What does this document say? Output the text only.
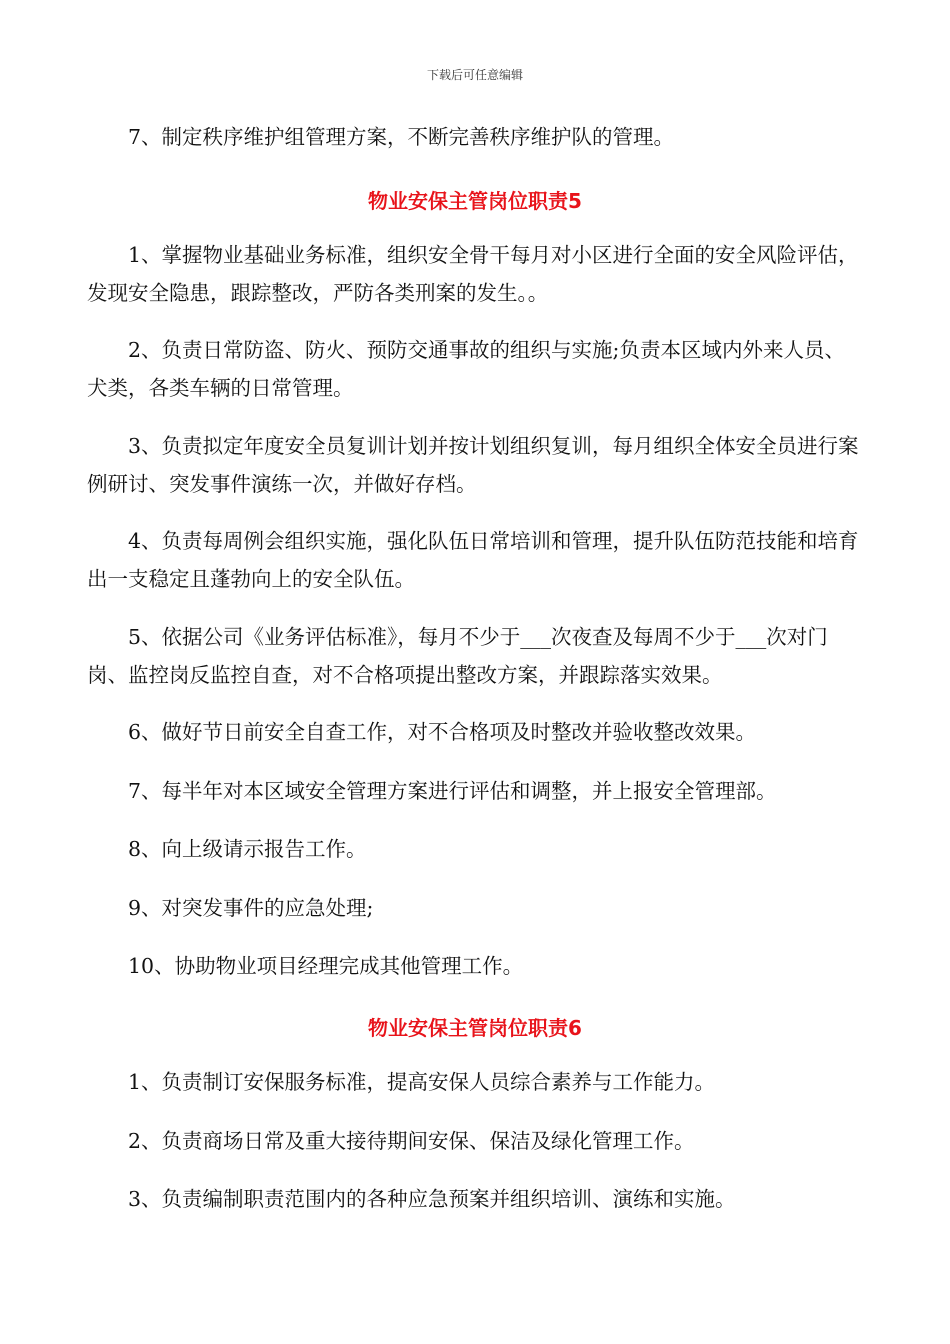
下载后可任意编辑

7、制定秩序维护组管理方案，不断完善秩序维护队的管理。

物业安保主管岗位职责5

1、掌握物业基础业务标准，组织安全骨干每月对小区进行全面的安全风险评估，发现安全隐患，跟踪整改，严防各类刑案的发生。。

2、负责日常防盗、防火、预防交通事故的组织与实施;负责本区域内外来人员、犬类，各类车辆的日常管理。

3、负责拟定年度安全员复训计划并按计划组织复训，每月组织全体安全员进行案例研讨、突发事件演练一次，并做好存档。

4、负责每周例会组织实施，强化队伍日常培训和管理，提升队伍防范技能和培育出一支稳定且蓬勃向上的安全队伍。

5、依据公司《业务评估标准》，每月不少于___次夜查及每周不少于___次对门岗、监控岗反监控自查，对不合格项提出整改方案，并跟踪落实效果。

6、做好节日前安全自查工作，对不合格项及时整改并验收整改效果。

7、每半年对本区域安全管理方案进行评估和调整，并上报安全管理部。

8、向上级请示报告工作。

9、对突发事件的应急处理;

10、协助物业项目经理完成其他管理工作。

物业安保主管岗位职责6

1、负责制订安保服务标准，提高安保人员综合素养与工作能力。

2、负责商场日常及重大接待期间安保、保洁及绿化管理工作。

3、负责编制职责范围内的各种应急预案并组织培训、演练和实施。
